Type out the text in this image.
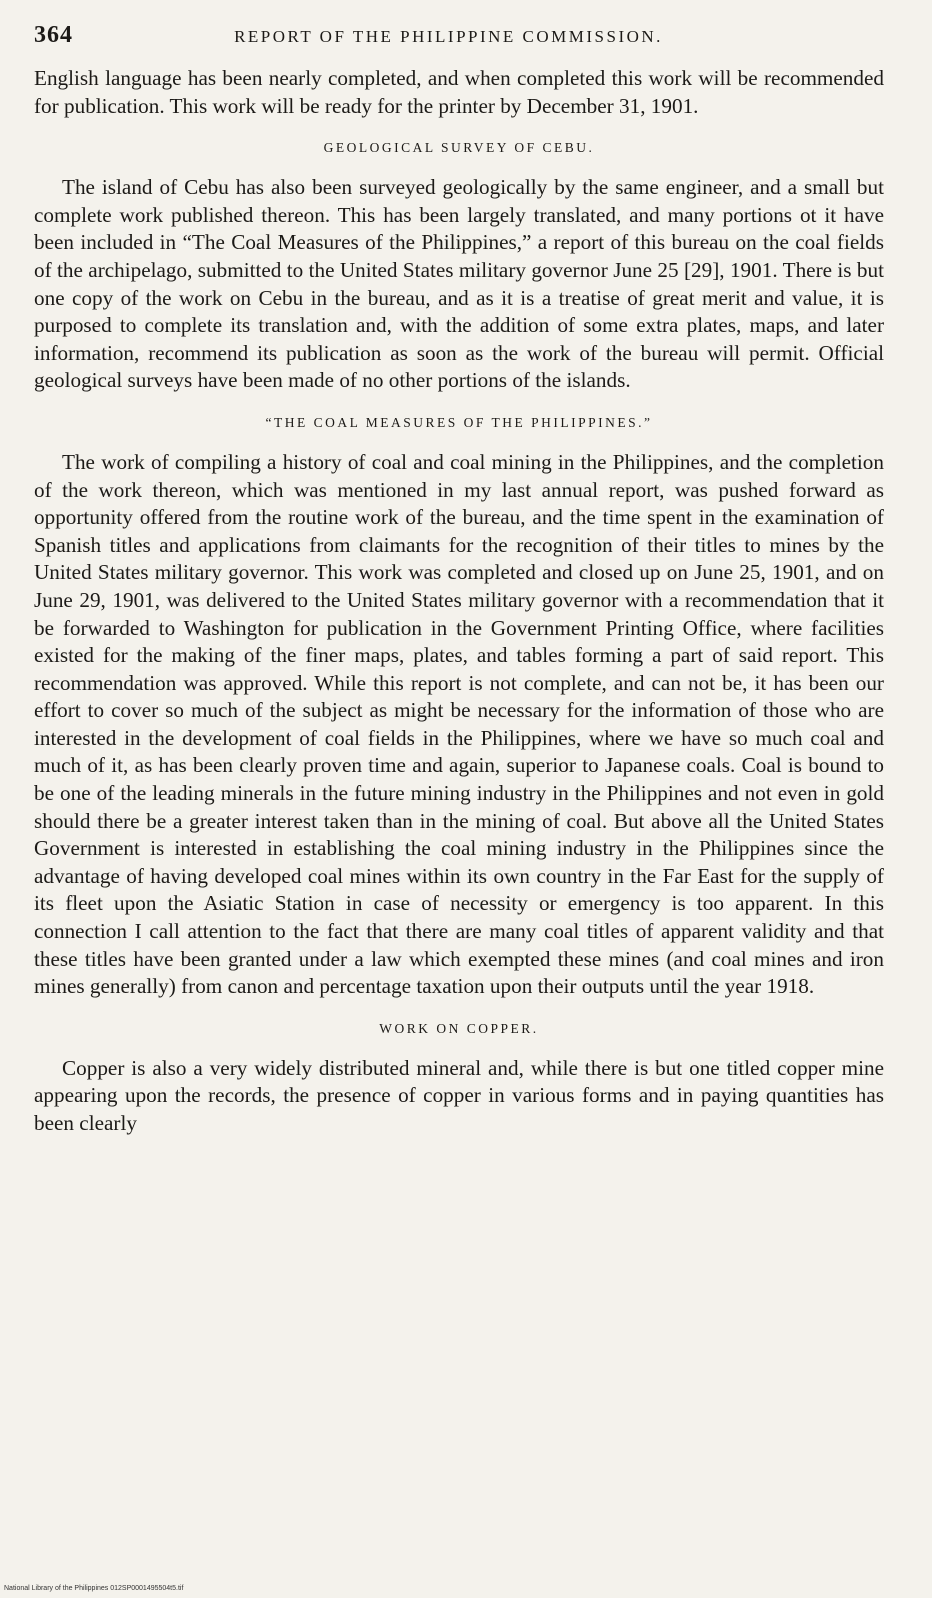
364	REPORT OF THE PHILIPPINE COMMISSION.

English language has been nearly completed, and when completed this work will be recommended for publication. This work will be ready for the printer by December 31, 1901.

GEOLOGICAL SURVEY OF CEBU.

The island of Cebu has also been surveyed geologically by the same engineer, and a small but complete work published thereon. This has been largely translated, and many portions ot it have been included in “The Coal Measures of the Philippines,” a report of this bureau on the coal fields of the archipelago, submitted to the United States military governor June 25 [29], 1901. There is but one copy of the work on Cebu in the bureau, and as it is a treatise of great merit and value, it is purposed to complete its translation and, with the addition of some extra plates, maps, and later information, recommend its publication as soon as the work of the bureau will permit. Official geological surveys have been made of no other portions of the islands.

“THE COAL MEASURES OF THE PHILIPPINES.”

The work of compiling a history of coal and coal mining in the Philippines, and the completion of the work thereon, which was mentioned in my last annual report, was pushed forward as opportunity offered from the routine work of the bureau, and the time spent in the examination of Spanish titles and applications from claimants for the recognition of their titles to mines by the United States military governor. This work was completed and closed up on June 25, 1901, and on June 29, 1901, was delivered to the United States military governor with a recommendation that it be forwarded to Washington for publication in the Government Printing Office, where facilities existed for the making of the finer maps, plates, and tables forming a part of said report. This recommendation was approved. While this report is not complete, and can not be, it has been our effort to cover so much of the subject as might be necessary for the information of those who are interested in the development of coal fields in the Philippines, where we have so much coal and much of it, as has been clearly proven time and again, superior to Japanese coals. Coal is bound to be one of the leading minerals in the future mining industry in the Philippines and not even in gold should there be a greater interest taken than in the mining of coal. But above all the United States Government is interested in establishing the coal mining industry in the Philippines since the advantage of having developed coal mines within its own country in the Far East for the supply of its fleet upon the Asiatic Station in case of necessity or emergency is too apparent. In this connection I call attention to the fact that there are many coal titles of apparent validity and that these titles have been granted under a law which exempted these mines (and coal mines and iron mines generally) from canon and percentage taxation upon their outputs until the year 1918.

WORK ON COPPER.

Copper is also a very widely distributed mineral and, while there is but one titled copper mine appearing upon the records, the presence of copper in various forms and in paying quantities has been clearly

National Library of the Philippines 012SP0001495504t5.tif
